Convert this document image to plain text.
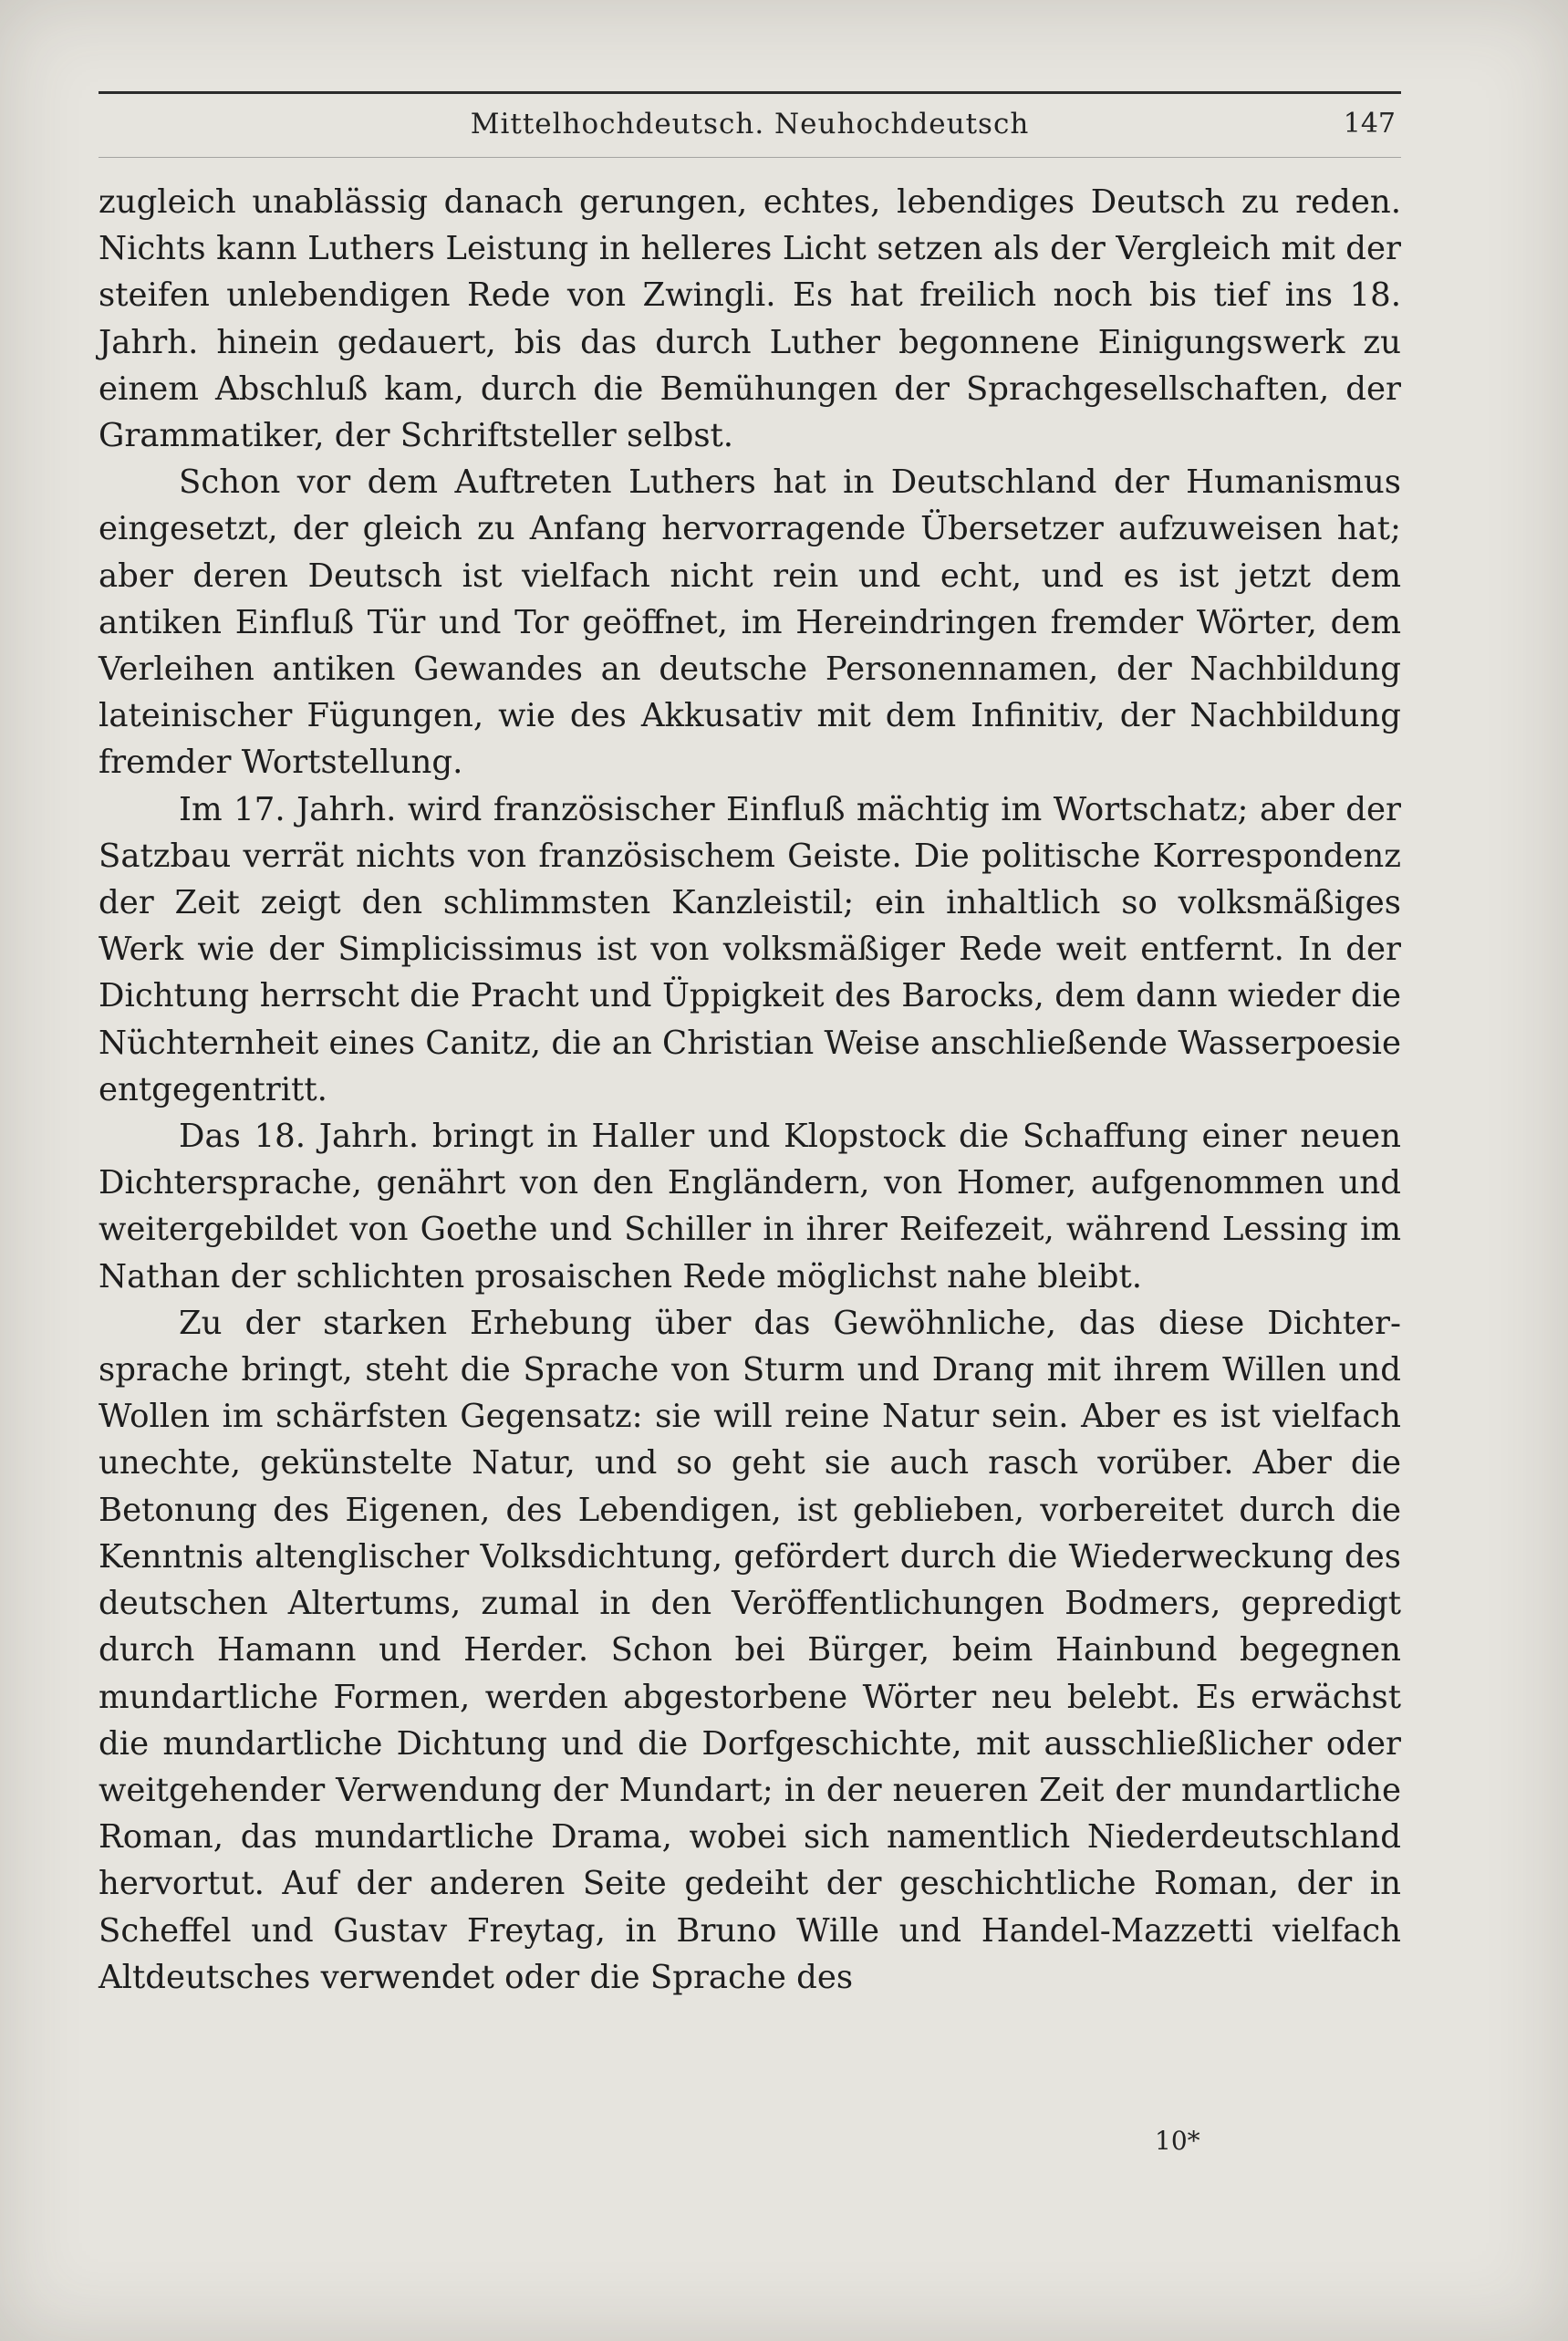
Mittelhochdeutsch. Neuhochdeutsch	147

zugleich unablässig danach gerungen, echtes, lebendiges Deutsch zu reden. Nichts kann Luthers Leistung in helleres Licht setzen als der Vergleich mit der steifen unlebendigen Rede von Zwingli. Es hat freilich noch bis tief ins 18. Jahrh. hinein gedauert, bis das durch Luther begonnene Einigungswerk zu einem Abschluß kam, durch die Bemühungen der Sprachgesellschaften, der Grammatiker, der Schriftsteller selbst.

Schon vor dem Auftreten Luthers hat in Deutschland der Humanismus eingesetzt, der gleich zu Anfang hervorragende Übersetzer aufzuweisen hat; aber deren Deutsch ist vielfach nicht rein und echt, und es ist jetzt dem antiken Einfluß Tür und Tor geöffnet, im Hereindringen fremder Wörter, dem Verleihen antiken Gewandes an deutsche Personennamen, der Nachbildung lateinischer Fügungen, wie des Akkusativ mit dem Infinitiv, der Nachbildung fremder Wortstellung.

Im 17. Jahrh. wird französischer Einfluß mächtig im Wortschatz; aber der Satzbau verrät nichts von französischem Geiste. Die politische Korrespondenz der Zeit zeigt den schlimmsten Kanzleistil; ein inhaltlich so volksmäßiges Werk wie der Simplicissimus ist von volksmäßiger Rede weit entfernt. In der Dichtung herrscht die Pracht und Üppigkeit des Barocks, dem dann wieder die Nüchternheit eines Canitz, die an Christian Weise anschließende Wasserpoesie entgegentritt.

Das 18. Jahrh. bringt in Haller und Klopstock die Schaffung einer neuen Dichtersprache, genährt von den Engländern, von Homer, aufgenommen und weitergebildet von Goethe und Schiller in ihrer Reifezeit, während Lessing im Nathan der schlichten prosaischen Rede möglichst nahe bleibt.

Zu der starken Erhebung über das Gewöhnliche, das diese Dichtersprache bringt, steht die Sprache von Sturm und Drang mit ihrem Willen und Wollen im schärfsten Gegensatz: sie will reine Natur sein. Aber es ist vielfach unechte, gekünstelte Natur, und so geht sie auch rasch vorüber. Aber die Betonung des Eigenen, des Lebendigen, ist geblieben, vorbereitet durch die Kenntnis altenglischer Volksdichtung, gefördert durch die Wiederweckung des deutschen Altertums, zumal in den Veröffentlichungen Bodmers, gepredigt durch Hamann und Herder. Schon bei Bürger, beim Hainbund begegnen mundartliche Formen, werden abgestorbene Wörter neu belebt. Es erwächst die mundartliche Dichtung und die Dorfgeschichte, mit ausschließlicher oder weitgehender Verwendung der Mundart; in der neueren Zeit der mundartliche Roman, das mundartliche Drama, wobei sich namentlich Niederdeutschland hervortut. Auf der anderen Seite gedeiht der geschichtliche Roman, der in Scheffel und Gustav Freytag, in Bruno Wille und Handel-Mazzetti vielfach Altdeutsches verwendet oder die Sprache des

10*
